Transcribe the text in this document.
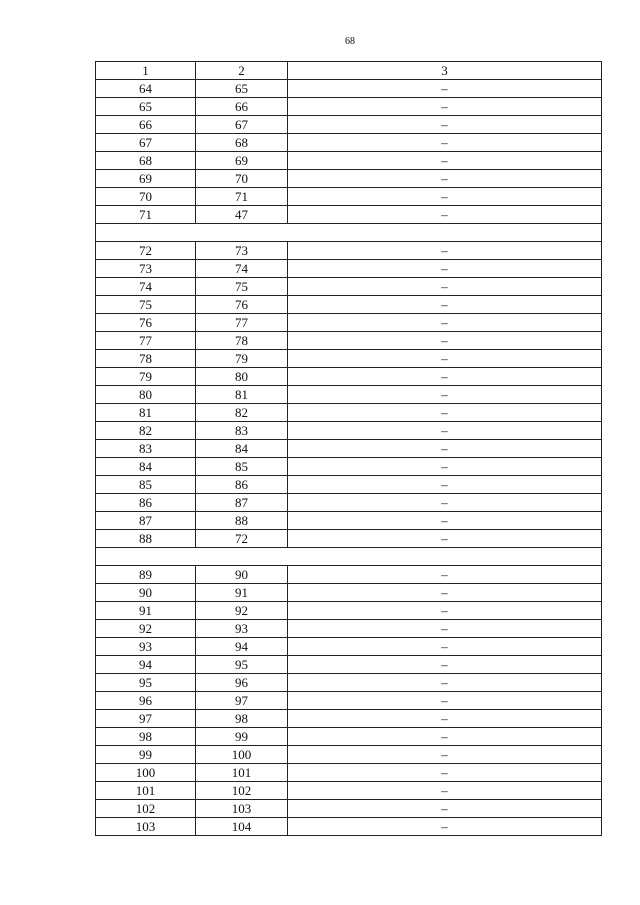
68
1	2	3
64	65	–
65	66	–
66	67	–
67	68	–
68	69	–
69	70	–
70	71	–
71	47	–

72	73	–
73	74	–
74	75	–
75	76	–
76	77	–
77	78	–
78	79	–
79	80	–
80	81	–
81	82	–
82	83	–
83	84	–
84	85	–
85	86	–
86	87	–
87	88	–
88	72	–

89	90	–
90	91	–
91	92	–
92	93	–
93	94	–
94	95	–
95	96	–
96	97	–
97	98	–
98	99	–
99	100	–
100	101	–
101	102	–
102	103	–
103	104	–
